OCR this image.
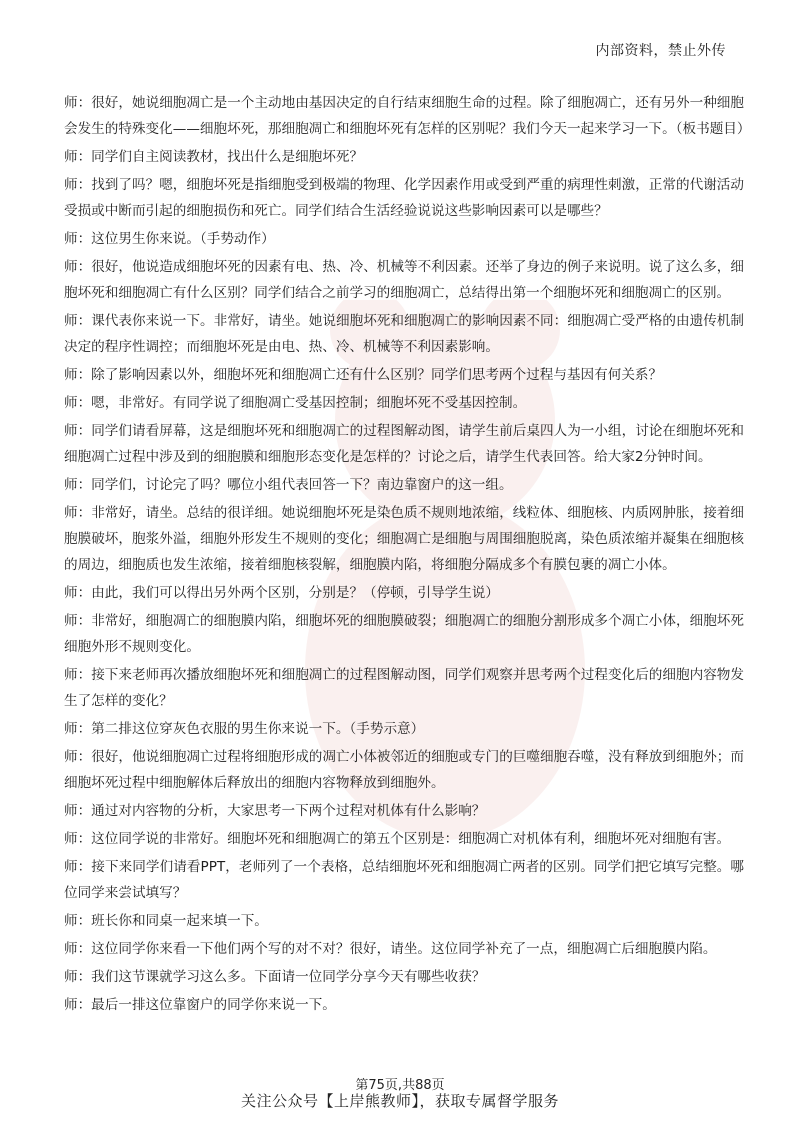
内部资料，禁止外传

师：很好，她说细胞凋亡是一个主动地由基因决定的自行结束细胞生命的过程。除了细胞凋亡，还有另外一种细胞会发生的特殊变化——细胞坏死，那细胞凋亡和细胞坏死有怎样的区别呢？我们今天一起来学习一下。（板书题目）

师：同学们自主阅读教材，找出什么是细胞坏死？

师：找到了吗？嗯，细胞坏死是指细胞受到极端的物理、化学因素作用或受到严重的病理性刺激，正常的代谢活动受损或中断而引起的细胞损伤和死亡。同学们结合生活经验说说这些影响因素可以是哪些？

师：这位男生你来说。（手势动作）

师：很好，他说造成细胞坏死的因素有电、热、冷、机械等不利因素。还举了身边的例子来说明。说了这么多，细胞坏死和细胞凋亡有什么区别？同学们结合之前学习的细胞凋亡，总结得出第一个细胞坏死和细胞凋亡的区别。

师：课代表你来说一下。非常好，请坐。她说细胞坏死和细胞凋亡的影响因素不同：细胞凋亡受严格的由遗传机制决定的程序性调控；而细胞坏死是由电、热、冷、机械等不利因素影响。

师：除了影响因素以外，细胞坏死和细胞凋亡还有什么区别？同学们思考两个过程与基因有何关系？

师：嗯，非常好。有同学说了细胞凋亡受基因控制；细胞坏死不受基因控制。

师：同学们请看屏幕，这是细胞坏死和细胞凋亡的过程图解动图，请学生前后桌四人为一小组，讨论在细胞坏死和细胞凋亡过程中涉及到的细胞膜和细胞形态变化是怎样的？讨论之后，请学生代表回答。给大家2分钟时间。

师：同学们，讨论完了吗？哪位小组代表回答一下？南边靠窗户的这一组。

师：非常好，请坐。总结的很详细。她说细胞坏死是染色质不规则地浓缩，线粒体、细胞核、内质网肿胀，接着细胞膜破坏，胞浆外溢，细胞外形发生不规则的变化；细胞凋亡是细胞与周围细胞脱离，染色质浓缩并凝集在细胞核的周边，细胞质也发生浓缩，接着细胞核裂解，细胞膜内陷，将细胞分隔成多个有膜包裹的凋亡小体。

师：由此，我们可以得出另外两个区别，分别是？（停顿，引导学生说）

师：非常好，细胞凋亡的细胞膜内陷，细胞坏死的细胞膜破裂；细胞凋亡的细胞分割形成多个凋亡小体，细胞坏死细胞外形不规则变化。

师：接下来老师再次播放细胞坏死和细胞凋亡的过程图解动图，同学们观察并思考两个过程变化后的细胞内容物发生了怎样的变化？

师：第二排这位穿灰色衣服的男生你来说一下。（手势示意）

师：很好，他说细胞凋亡过程将细胞形成的凋亡小体被邻近的细胞或专门的巨噬细胞吞噬，没有释放到细胞外；而细胞坏死过程中细胞解体后释放出的细胞内容物释放到细胞外。

师：通过对内容物的分析，大家思考一下两个过程对机体有什么影响？

师：这位同学说的非常好。细胞坏死和细胞凋亡的第五个区别是：细胞凋亡对机体有利，细胞坏死对细胞有害。

师：接下来同学们请看PPT，老师列了一个表格，总结细胞坏死和细胞凋亡两者的区别。同学们把它填写完整。哪位同学来尝试填写？

师：班长你和同桌一起来填一下。

师：这位同学你来看一下他们两个写的对不对？很好，请坐。这位同学补充了一点，细胞凋亡后细胞膜内陷。

师：我们这节课就学习这么多。下面请一位同学分享今天有哪些收获？

师：最后一排这位靠窗户的同学你来说一下。

第75页,共88页
关注公众号【上岸熊教师】，获取专属督学服务
